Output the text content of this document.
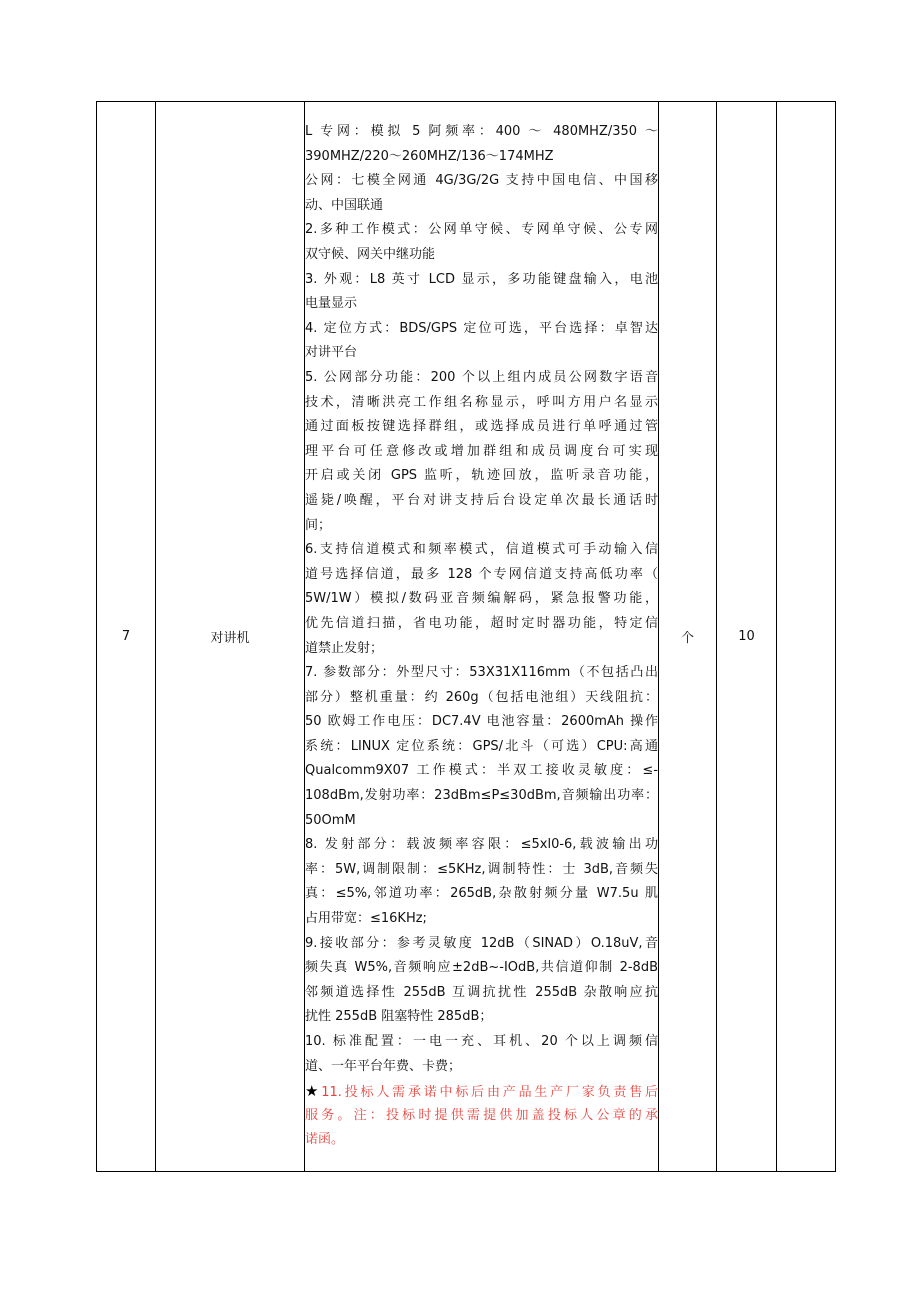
7	对讲机	
L 专网：模拟 5 阿频率：400 ～ 480MHZ/350 ～
390MHZ/220～260MHZ/136～174MHZ
公网：七模全网通 4G/3G/2G 支持中国电信、中国移
动、中国联通
2.多种工作模式：公网单守候、专网单守候、公专网
双守候、网关中继功能
3. 外观：L8 英寸 LCD 显示，多功能键盘输入，电池
电量显示
4. 定位方式：BDS/GPS 定位可选，平台选择：卓智达
对讲平台
5. 公网部分功能：200 个以上组内成员公网数字语音
技术，清晰洪亮工作组名称显示，呼叫方用户名显示
通过面板按键选择群组，或选择成员进行单呼通过管
理平台可任意修改或增加群组和成员调度台可实现
开启或关闭 GPS 监听，轨迹回放，监听录音功能，
遥毙/唤醒，平台对讲支持后台设定单次最长通话时
间；
6.支持信道模式和频率模式，信道模式可手动输入信
道号选择信道，最多 128 个专网信道支持高低功率（
5W/1W）模拟/数码亚音频编解码，紧急报警功能，
优先信道扫描，省电功能，超时定时器功能，特定信
道禁止发射；
7. 参数部分：外型尺寸：53X31X116mm（不包括凸出
部分）整机重量：约 260g（包括电池组）天线阻抗：
50 欧姆工作电压：DC7.4V 电池容量：2600mAh 操作
系统：LINUX 定位系统：GPS/北斗（可选）CPU:高通
Qualcomm9X07 工作模式：半双工接收灵敏度：≤-
108dBm,发射功率：23dBm≤P≤30dBm,音频输出功率：
50OmM
8. 发射部分：载波频率容限：≤5xl0-6,载波输出功
率：5W,调制限制：≤5KHz,调制特性：士 3dB,音频失
真：≤5%,邻道功率：265dB,杂散射频分量 W7.5u 肌
占用带宽：≤16KHz;
9.接收部分：参考灵敏度 12dB（SINAD）O.18uV,音
频失真 W5%,音频响应±2dB~-IOdB,共信道仰制 2-8dB
邻频道选择性 255dB 互调抗扰性 255dB 杂散响应抗
扰性 255dB 阻塞特性 285dB；
10. 标准配置：一电一充、耳机、20 个以上调频信
道、一年平台年费、卡费；
★11.投标人需承诺中标后由产品生产厂家负责售后
服务。注：投标时提供需提供加盖投标人公章的承
诺函。
	个	10	
